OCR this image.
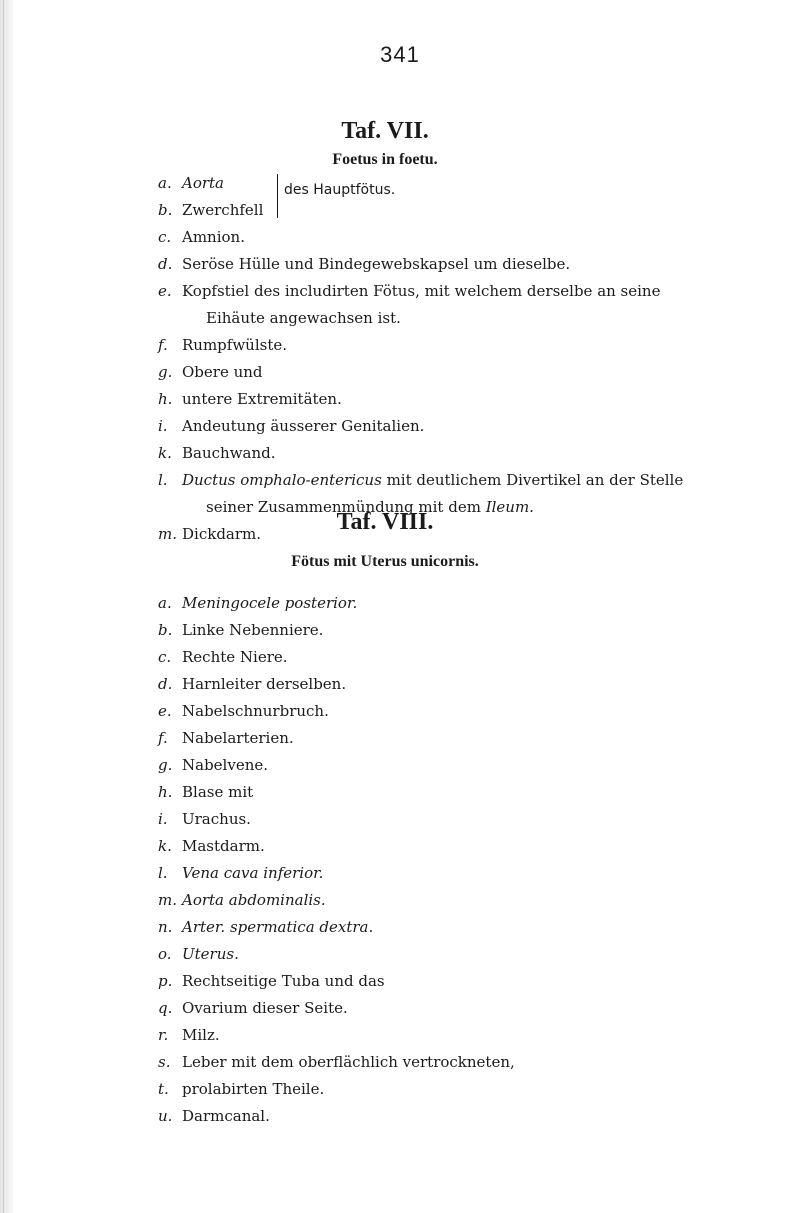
341
Taf. VII.
Foetus in foetu.
a. Aorta
b. Zwerchfell
des Hauptfötus.
c. Amnion.
d. Seröse Hülle und Bindegewebskapsel um dieselbe.
e. Kopfstiel des includirten Fötus, mit welchem derselbe an seine
Eihäute angewachsen ist.
f. Rumpfwülste.
g. Obere und
h. untere Extremitäten.
i. Andeutung äusserer Genitalien.
k. Bauchwand.
l. Ductus omphalo-entericus mit deutlichem Divertikel an der Stelle
seiner Zusammenmündung mit dem Ileum.
m. Dickdarm.	Taf. VIII.
Fötus mit Uterus unicornis.
a. Meningocele posterior.
b. Linke Nebenniere.
c. Rechte Niere.
d. Harnleiter derselben.
e. Nabelschnurbruch.
f. Nabelarterien.
g. Nabelvene.
h. Blase mit
i. Urachus.
k. Mastdarm.
l. Vena cava inferior.
m. Aorta abdominalis.
n. Arter. spermatica dextra.
o. Uterus.
p. Rechtseitige Tuba und das
q. Ovarium dieser Seite.
r. Milz.
s. Leber mit dem oberflächlich vertrockneten,
t. prolabirten Theile.
u. Darmcanal.
